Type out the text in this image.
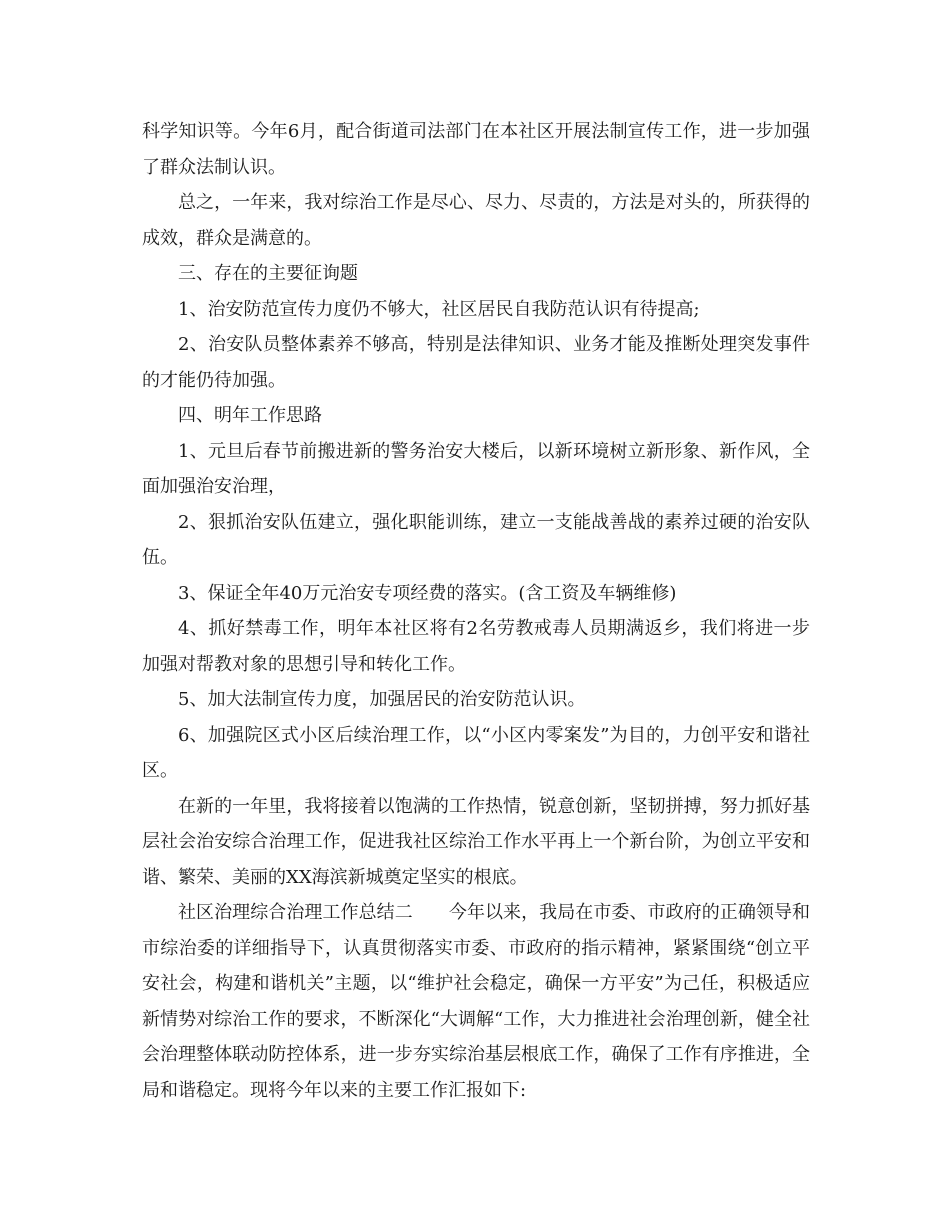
科学知识等。今年6月，配合街道司法部门在本社区开展法制宣传工作，进一步加强了群众法制认识。

总之，一年来，我对综治工作是尽心、尽力、尽责的，方法是对头的，所获得的成效，群众是满意的。

三、存在的主要征询题

1、治安防范宣传力度仍不够大，社区居民自我防范认识有待提高;

2、治安队员整体素养不够高，特别是法律知识、业务才能及推断处理突发事件的才能仍待加强。

四、明年工作思路

1、元旦后春节前搬进新的警务治安大楼后，以新环境树立新形象、新作风，全面加强治安治理，

2、狠抓治安队伍建立，强化职能训练，建立一支能战善战的素养过硬的治安队伍。

3、保证全年40万元治安专项经费的落实。(含工资及车辆维修)

4、抓好禁毒工作，明年本社区将有2名劳教戒毒人员期满返乡，我们将进一步加强对帮教对象的思想引导和转化工作。

5、加大法制宣传力度，加强居民的治安防范认识。

6、加强院区式小区后续治理工作，以“小区内零案发”为目的，力创平安和谐社区。

在新的一年里，我将接着以饱满的工作热情，锐意创新，坚韧拼搏，努力抓好基层社会治安综合治理工作，促进我社区综治工作水平再上一个新台阶，为创立平安和谐、繁荣、美丽的XX海滨新城奠定坚实的根底。

社区治理综合治理工作总结二　　今年以来，我局在市委、市政府的正确领导和市综治委的详细指导下，认真贯彻落实市委、市政府的指示精神，紧紧围绕“创立平安社会，构建和谐机关”主题，以“维护社会稳定，确保一方平安”为己任，积极适应新情势对综治工作的要求，不断深化“大调解“工作，大力推进社会治理创新，健全社会治理整体联动防控体系，进一步夯实综治基层根底工作，确保了工作有序推进，全局和谐稳定。现将今年以来的主要工作汇报如下:
